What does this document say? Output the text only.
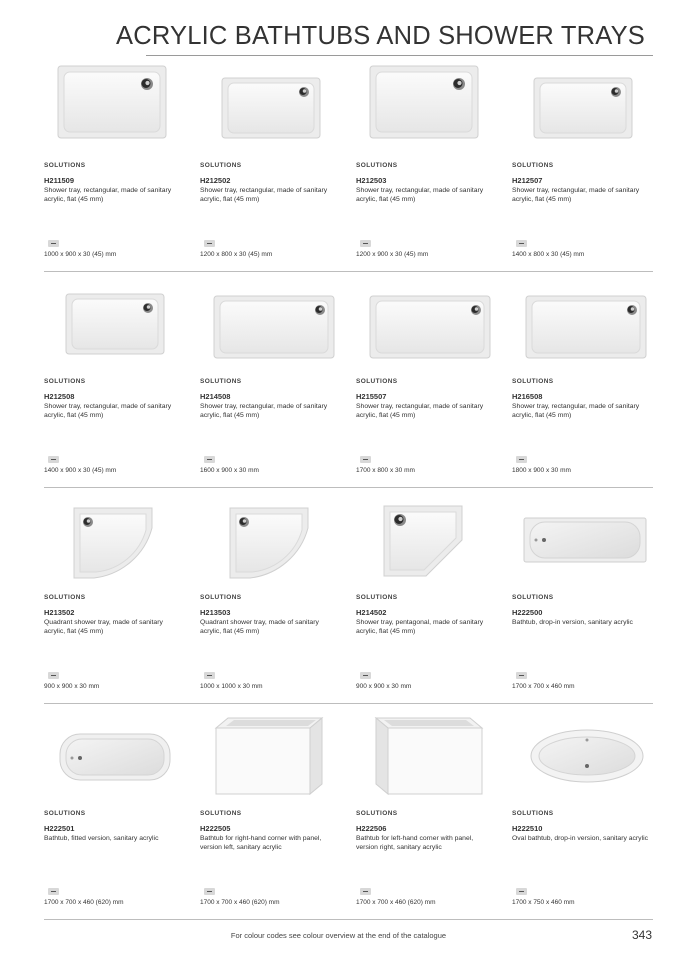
ACRYLIC BATHTUBS AND SHOWER TRAYS
SOLUTIONS
H211509
Shower tray, rectangular, made of sanitary acrylic, flat (45 mm)
1000 x 900 x 30 (45) mm
SOLUTIONS
H212502
Shower tray, rectangular, made of sanitary acrylic, flat (45 mm)
1200 x 800 x 30 (45) mm
SOLUTIONS
H212503
Shower tray, rectangular, made of sanitary acrylic, flat (45 mm)
1200 x 900 x 30 (45) mm
SOLUTIONS
H212507
Shower tray, rectangular, made of sanitary acrylic, flat (45 mm)
1400 x 800 x 30 (45) mm
SOLUTIONS
H212508
Shower tray, rectangular, made of sanitary acrylic, flat (45 mm)
1400 x 900 x 30 (45) mm
SOLUTIONS
H214508
Shower tray, rectangular, made of sanitary acrylic, flat (45 mm)
1600 x 900 x 30 mm
SOLUTIONS
H215507
Shower tray, rectangular, made of sanitary acrylic, flat (45 mm)
1700 x 800 x 30 mm
SOLUTIONS
H216508
Shower tray, rectangular, made of sanitary acrylic, flat (45 mm)
1800 x 900 x 30 mm
SOLUTIONS
H213502
Quadrant shower tray, made of sanitary acrylic, flat (45 mm)
900 x 900 x 30 mm
SOLUTIONS
H213503
Quadrant shower tray, made of sanitary acrylic, flat (45 mm)
1000 x 1000 x 30 mm
SOLUTIONS
H214502
Shower tray, pentagonal, made of sanitary acrylic, flat (45 mm)
900 x 900 x 30 mm
SOLUTIONS
H222500
Bathtub, drop-in version, sanitary acrylic
1700 x 700 x 460 mm
SOLUTIONS
H222501
Bathtub, fitted version, sanitary acrylic
1700 x 700 x 460 (620) mm
SOLUTIONS
H222505
Bathtub for right-hand corner with panel, version left, sanitary acrylic
1700 x 700 x 460 (620) mm
SOLUTIONS
H222506
Bathtub for left-hand corner with panel, version right, sanitary acrylic
1700 x 700 x 460 (620) mm
SOLUTIONS
H222510
Oval bathtub, drop-in version, sanitary acrylic
1700 x 750 x 460 mm
For colour codes see colour overview at the end of the catalogue	343
